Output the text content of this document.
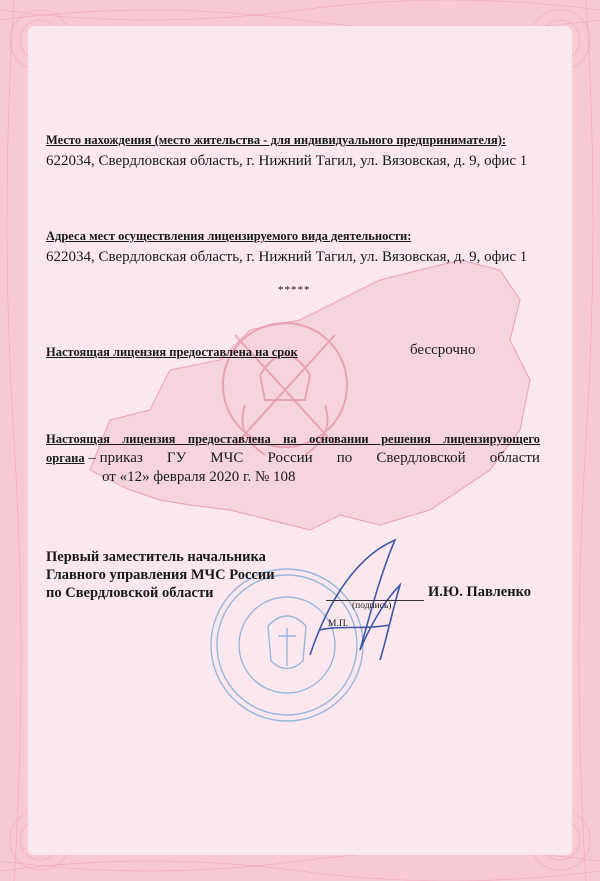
Место нахождения (место жительства - для индивидуального предпринимателя):
622034, Свердловская область, г. Нижний Тагил, ул. Вязовская, д. 9, офис 1
Адреса мест осуществления лицензируемого вида деятельности:
622034, Свердловская область, г. Нижний Тагил, ул. Вязовская, д. 9, офис 1
*****
Настоящая лицензия предоставлена на срок	бессрочно
Настоящая лицензия предоставлена на основании решения лицензирующего
органа – приказ ГУ МЧС России по Свердловской области
от «12» февраля 2020 г. № 108
Первый заместитель начальника
Главного управления МЧС России
по Свердловской области
(подпись)
М.П.
И.Ю. Павленко
